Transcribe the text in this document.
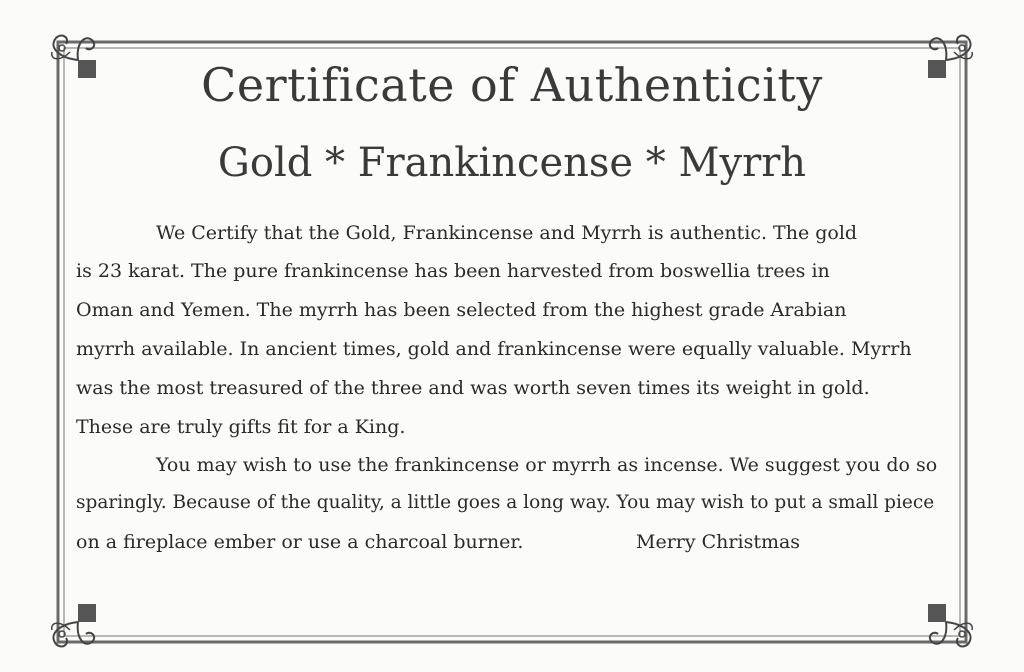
Certificate of Authenticity
Gold * Frankincense * Myrrh

We Certify that the Gold, Frankincense and Myrrh is authentic. The gold

is 23 karat. The pure frankincense has been harvested from boswellia trees in

Oman and Yemen. The myrrh has been selected from the highest grade Arabian

myrrh available. In ancient times, gold and frankincense were equally valuable. Myrrh

was the most treasured of the three and was worth seven times its weight in gold.

These are truly gifts fit for a King.

You may wish to use the frankincense or myrrh as incense. We suggest you do so

sparingly. Because of the quality, a little goes a long way. You may wish to put a small piece

on a fireplace ember or use a charcoal burner.	Merry Christmas
